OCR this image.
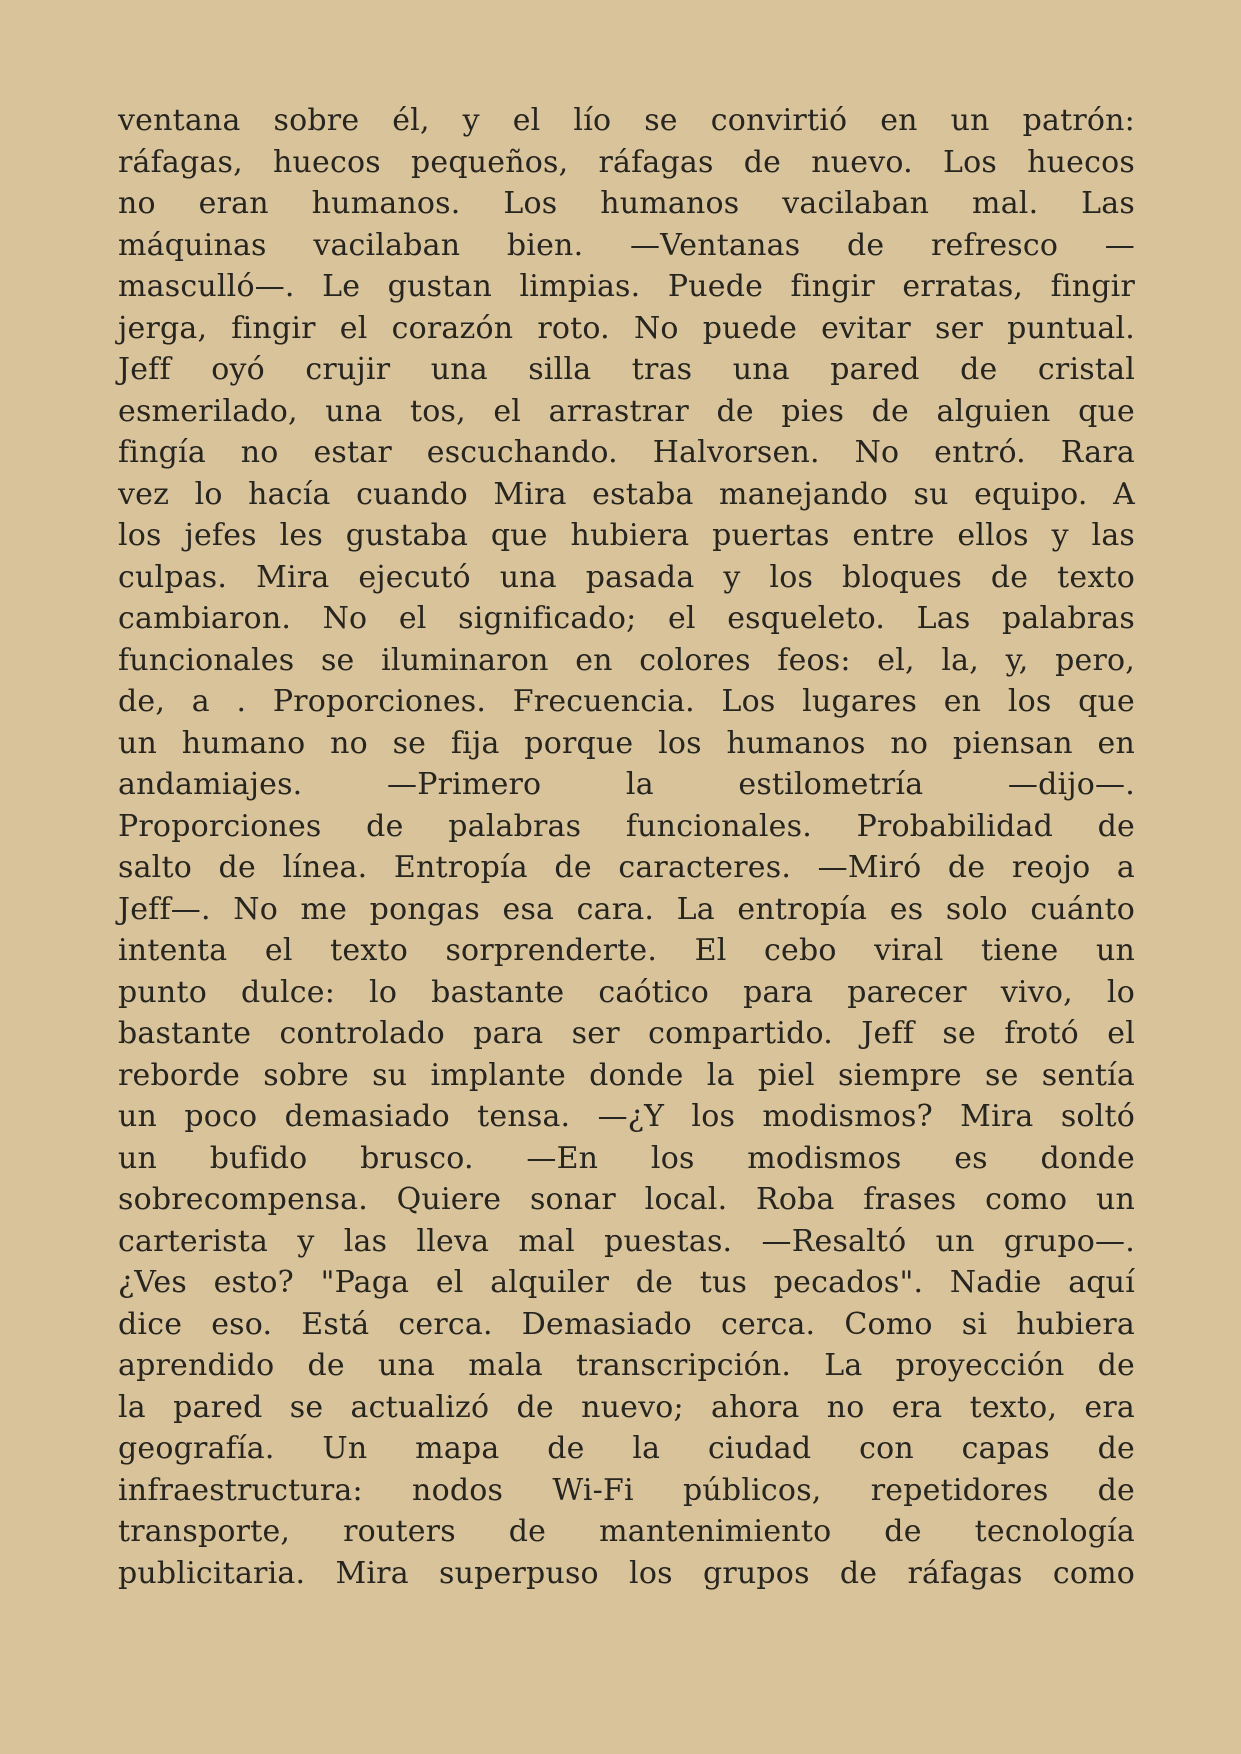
ventana sobre él, y el lío se convirtió en un patrón:
ráfagas, huecos pequeños, ráfagas de nuevo. Los huecos
no eran humanos. Los humanos vacilaban mal. Las
máquinas vacilaban bien. —Ventanas de refresco —
masculló—. Le gustan limpias. Puede fingir erratas, fingir
jerga, fingir el corazón roto. No puede evitar ser puntual.
Jeff oyó crujir una silla tras una pared de cristal
esmerilado, una tos, el arrastrar de pies de alguien que
fingía no estar escuchando. Halvorsen. No entró. Rara
vez lo hacía cuando Mira estaba manejando su equipo. A
los jefes les gustaba que hubiera puertas entre ellos y las
culpas. Mira ejecutó una pasada y los bloques de texto
cambiaron. No el significado; el esqueleto. Las palabras
funcionales se iluminaron en colores feos: el, la, y, pero,
de, a . Proporciones. Frecuencia. Los lugares en los que
un humano no se fija porque los humanos no piensan en
andamiajes. —Primero la estilometría —dijo—.
Proporciones de palabras funcionales. Probabilidad de
salto de línea. Entropía de caracteres. —Miró de reojo a
Jeff—. No me pongas esa cara. La entropía es solo cuánto
intenta el texto sorprenderte. El cebo viral tiene un
punto dulce: lo bastante caótico para parecer vivo, lo
bastante controlado para ser compartido. Jeff se frotó el
reborde sobre su implante donde la piel siempre se sentía
un poco demasiado tensa. —¿Y los modismos? Mira soltó
un bufido brusco. —En los modismos es donde
sobrecompensa. Quiere sonar local. Roba frases como un
carterista y las lleva mal puestas. —Resaltó un grupo—.
¿Ves esto? "Paga el alquiler de tus pecados". Nadie aquí
dice eso. Está cerca. Demasiado cerca. Como si hubiera
aprendido de una mala transcripción. La proyección de
la pared se actualizó de nuevo; ahora no era texto, era
geografía. Un mapa de la ciudad con capas de
infraestructura: nodos Wi-Fi públicos, repetidores de
transporte, routers de mantenimiento de tecnología
publicitaria. Mira superpuso los grupos de ráfagas como
